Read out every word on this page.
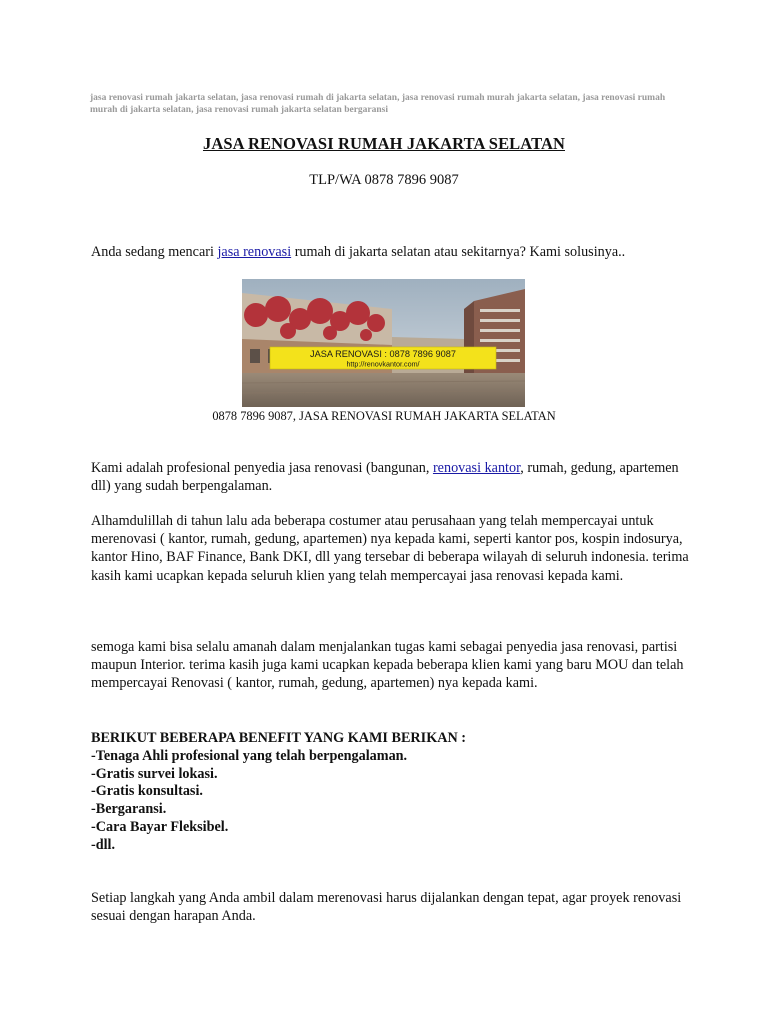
jasa renovasi rumah jakarta selatan, jasa renovasi rumah di jakarta selatan, jasa renovasi rumah murah jakarta selatan, jasa renovasi rumah murah di jakarta selatan, jasa renovasi rumah jakarta selatan bergaransi
JASA RENOVASI RUMAH JAKARTA SELATAN
TLP/WA 0878 7896 9087
Anda sedang mencari jasa renovasi rumah di jakarta selatan atau sekitarnya? Kami solusinya..
JASA RENOVASI : 0878 7896 9087
http://renovkantor.com/
0878 7896 9087, JASA RENOVASI RUMAH JAKARTA SELATAN
Kami adalah profesional penyedia jasa renovasi (bangunan, renovasi kantor, rumah, gedung, apartemen dll) yang sudah berpengalaman.
Alhamdulillah di tahun lalu ada beberapa costumer atau perusahaan yang telah mempercayai untuk merenovasi ( kantor, rumah, gedung, apartemen) nya kepada kami, seperti kantor pos, kospin indosurya, kantor Hino, BAF Finance, Bank DKI, dll yang tersebar di beberapa wilayah di seluruh indonesia. terima kasih kami ucapkan kepada seluruh klien yang telah mempercayai jasa renovasi kepada kami.
semoga kami bisa selalu amanah dalam menjalankan tugas kami sebagai penyedia jasa renovasi, partisi maupun Interior. terima kasih juga kami ucapkan kepada beberapa klien kami yang baru MOU dan telah mempercayai Renovasi ( kantor, rumah, gedung, apartemen) nya kepada kami.
BERIKUT BEBERAPA BENEFIT YANG KAMI BERIKAN :
-Tenaga Ahli profesional yang telah berpengalaman.
-Gratis survei lokasi.
-Gratis konsultasi.
-Bergaransi.
-Cara Bayar Fleksibel.
-dll.
Setiap langkah yang Anda ambil dalam merenovasi harus dijalankan dengan tepat, agar proyek renovasi sesuai dengan harapan Anda.
